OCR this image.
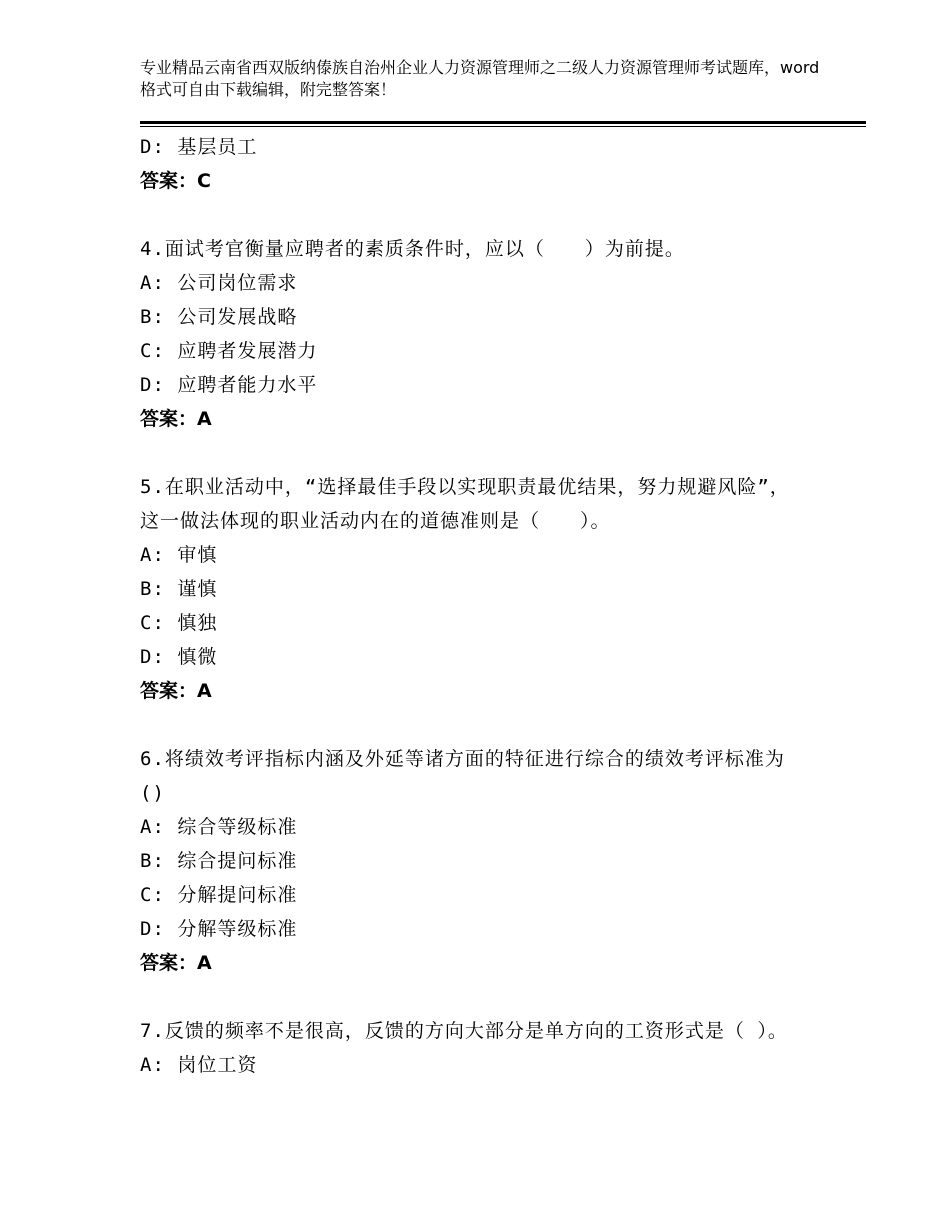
专业精品云南省西双版纳傣族自治州企业人力资源管理师之二级人力资源管理师考试题库，word格式可自由下载编辑，附完整答案！
D: 基层员工
答案：C
4.面试考官衡量应聘者的素质条件时，应以（　　）为前提。
A: 公司岗位需求
B: 公司发展战略
C: 应聘者发展潜力
D: 应聘者能力水平
答案：A
5.在职业活动中，“选择最佳手段以实现职责最优结果，努力规避风险”，这一做法体现的职业活动内在的道德准则是（　　）。
A: 审慎
B: 谨慎
C: 慎独
D: 慎微
答案：A
6.将绩效考评指标内涵及外延等诸方面的特征进行综合的绩效考评标准为()
A: 综合等级标准
B: 综合提问标准
C: 分解提问标准
D: 分解等级标准
答案：A
7.反馈的频率不是很高，反馈的方向大部分是单方向的工资形式是（ ）。
A: 岗位工资
